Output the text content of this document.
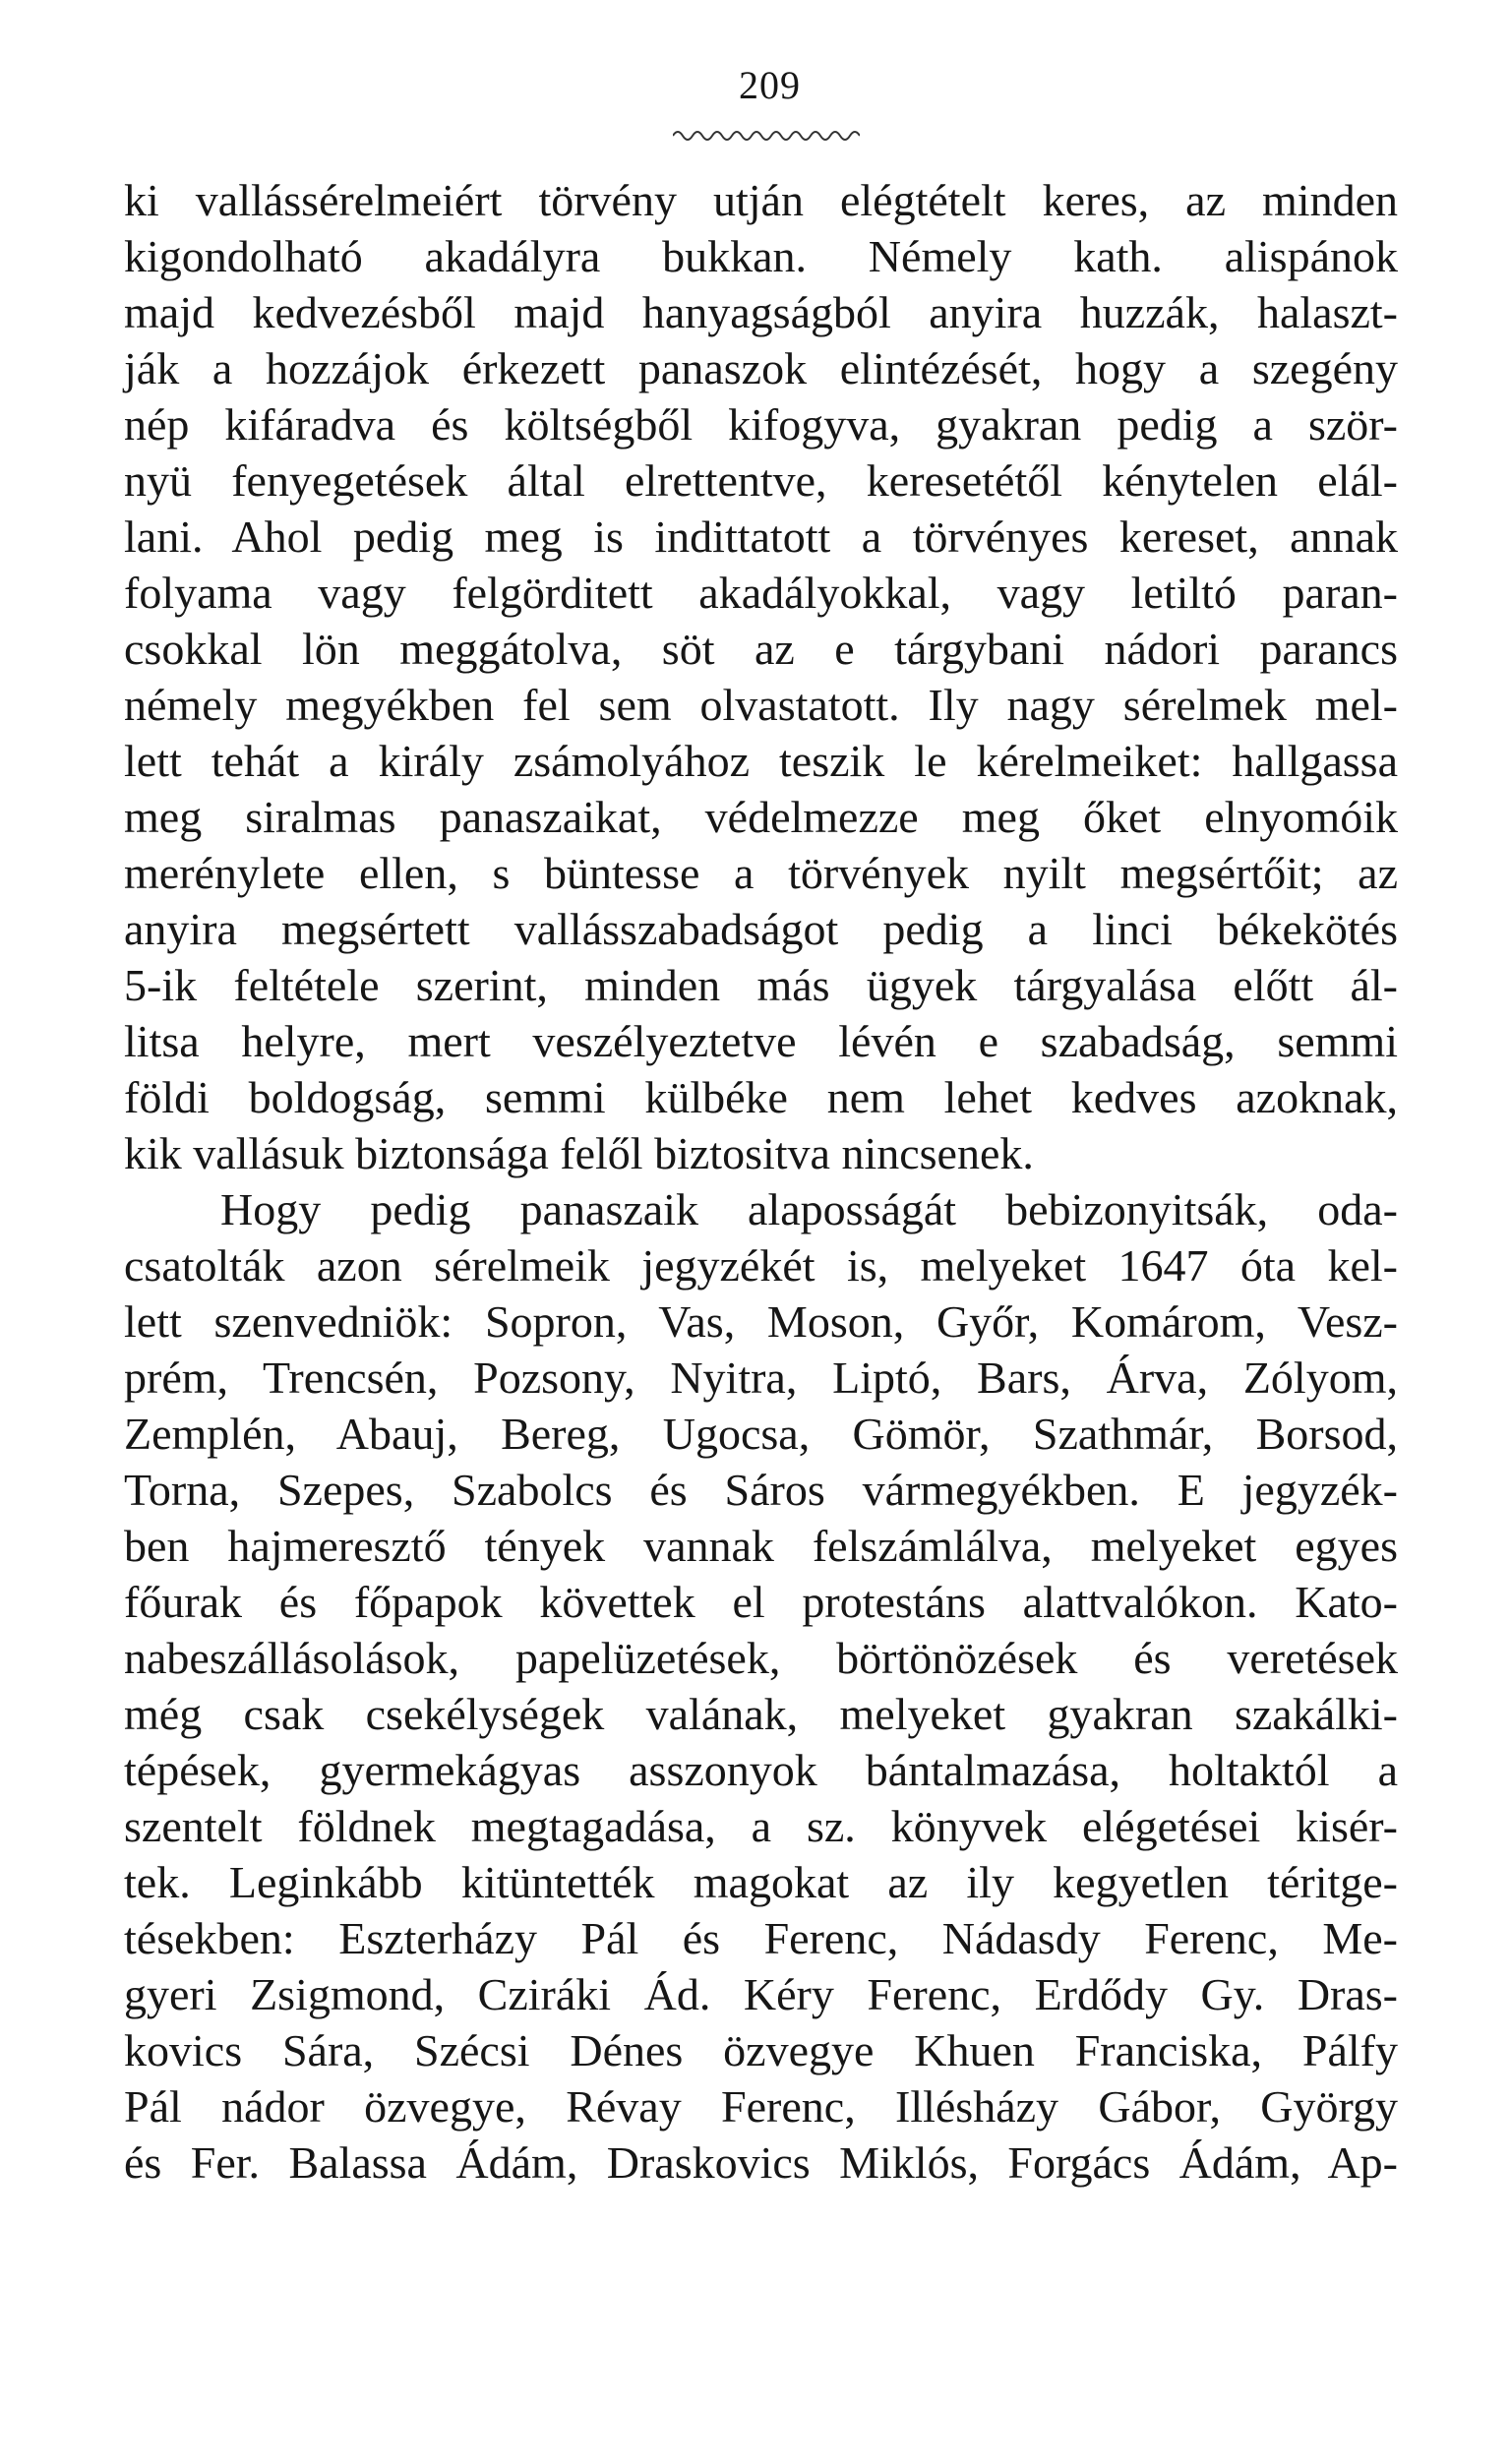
209
ki vallássérelmeiért törvény utján elégtételt keres, az minden
kigondolható akadályra bukkan. Némely kath. alispánok
majd kedvezésből majd hanyagságból anyira huzzák, halaszt-
ják a hozzájok érkezett panaszok elintézését, hogy a szegény
nép kifáradva és költségből kifogyva, gyakran pedig a ször-
nyü fenyegetések által elrettentve, keresetétől kénytelen elál-
lani. Ahol pedig meg is indittatott a törvényes kereset, annak
folyama vagy felgörditett akadályokkal, vagy letiltó paran-
csokkal lön meggátolva, söt az e tárgybani nádori parancs
némely megyékben fel sem olvastatott. Ily nagy sérelmek mel-
lett tehát a király zsámolyához teszik le kérelmeiket: hallgassa
meg siralmas panaszaikat, védelmezze meg őket elnyomóik
merénylete ellen, s büntesse a törvények nyilt megsértőit; az
anyira megsértett vallásszabadságot pedig a linci békekötés
5-ik feltétele szerint, minden más ügyek tárgyalása előtt ál-
litsa helyre, mert veszélyeztetve lévén e szabadság, semmi
földi boldogság, semmi külbéke nem lehet kedves azoknak,
kik vallásuk biztonsága felől biztositva nincsenek.
Hogy pedig panaszaik alaposságát bebizonyitsák, oda-
csatolták azon sérelmeik jegyzékét is, melyeket 1647 óta kel-
lett szenvedniök: Sopron, Vas, Moson, Győr, Komárom, Vesz-
prém, Trencsén, Pozsony, Nyitra, Liptó, Bars, Árva, Zólyom,
Zemplén, Abauj, Bereg, Ugocsa, Gömör, Szathmár, Borsod,
Torna, Szepes, Szabolcs és Sáros vármegyékben. E jegyzék-
ben hajmeresztő tények vannak felszámlálva, melyeket egyes
főurak és főpapok követtek el protestáns alattvalókon. Kato-
nabeszállásolások, papelüzetések, börtönözések és veretések
még csak csekélységek valának, melyeket gyakran szakálki-
tépések, gyermekágyas asszonyok bántalmazása, holtaktól a
szentelt földnek megtagadása, a sz. könyvek elégetései kisér-
tek. Leginkább kitüntették magokat az ily kegyetlen téritge-
tésekben: Eszterházy Pál és Ferenc, Nádasdy Ferenc, Me-
gyeri Zsigmond, Cziráki Ád. Kéry Ferenc, Erdődy Gy. Dras-
kovics Sára, Szécsi Dénes özvegye Khuen Franciska, Pálfy
Pál nádor özvegye, Révay Ferenc, Illésházy Gábor, György
és Fer. Balassa Ádám, Draskovics Miklós, Forgács Ádám, Ap-
